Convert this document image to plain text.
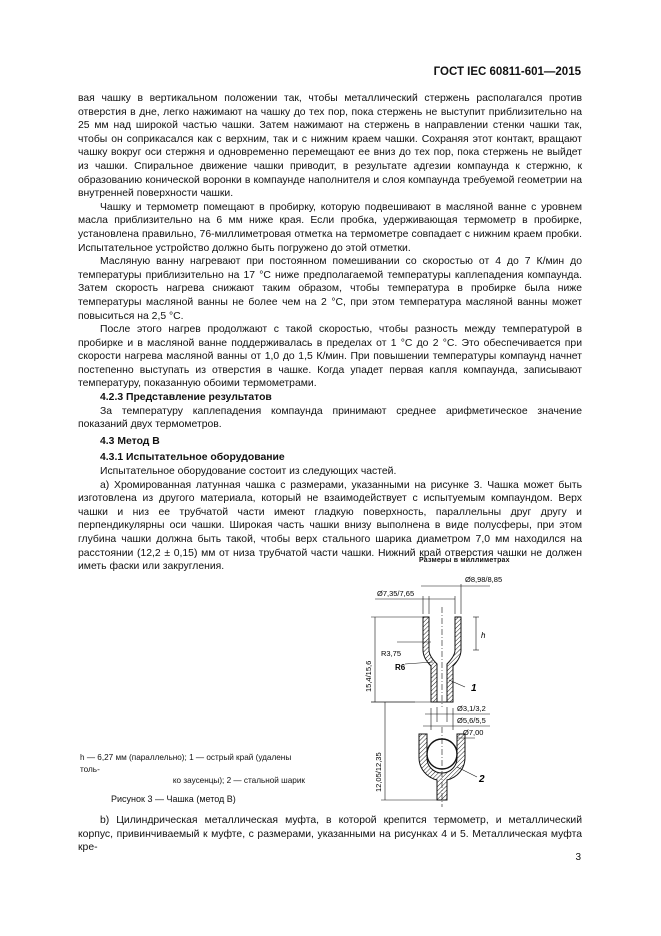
ГОСТ IEC 60811-601—2015

вая чашку в вертикальном положении так, чтобы металлический стержень располагался против отверстия в дне, легко нажимают на чашку до тех пор, пока стержень не выступит приблизительно на 25 мм над широкой частью чашки. Затем нажимают на стержень в направлении стенки чашки так, чтобы он соприкасался как с верхним, так и с нижним краем чашки. Сохраняя этот контакт, вращают чашку вокруг оси стержня и одновременно перемещают ее вниз до тех пор, пока стержень не выйдет из чашки. Спиральное движение чашки приводит, в результате адгезии компаунда к стержню, к образованию конической воронки в компаунде наполнителя и слоя компаунда требуемой геометрии на внутренней поверхности чашки.

Чашку и термометр помещают в пробирку, которую подвешивают в масляной ванне с уровнем масла приблизительно на 6 мм ниже края. Если пробка, удерживающая термометр в пробирке, установлена правильно, 76-миллиметровая отметка на термометре совпадает с нижним краем пробки. Испытательное устройство должно быть погружено до этой отметки.

Масляную ванну нагревают при постоянном помешивании со скоростью от 4 до 7 К/мин до температуры приблизительно на 17 °С ниже предполагаемой температуры каплепадения компаунда. Затем скорость нагрева снижают таким образом, чтобы температура в пробирке была ниже температуры масляной ванны не более чем на 2 °С, при этом температура масляной ванны может повыситься на 2,5 °С.

После этого нагрев продолжают с такой скоростью, чтобы разность между температурой в пробирке и в масляной ванне поддерживалась в пределах от 1 °С до 2 °С. Это обеспечивается при скорости нагрева масляной ванны от 1,0 до 1,5 К/мин. При повышении температуры компаунд начнет постепенно выступать из отверстия в чашке. Когда упадет первая капля компаунда, записывают температуру, показанную обоими термометрами.

4.2.3 Представление результатов

За температуру каплепадения компаунда принимают среднее арифметическое значение показаний двух термометров.

4.3 Метод В

4.3.1 Испытательное оборудование

Испытательное оборудование состоит из следующих частей.

а) Хромированная латунная чашка с размерами, указанными на рисунке 3. Чашка может быть изготовлена из другого материала, который не взаимодействует с испытуемым компаундом. Верх чашки и низ ее трубчатой части имеют гладкую поверхность, параллельны друг другу и перпендикулярны оси чашки. Широкая часть чашки внизу выполнена в виде полусферы, при этом глубина чашки должна быть такой, чтобы верх стального шарика диаметром 7,0 мм находился на расстоянии (12,2 ± 0,15) мм от низа трубчатой части чашки. Нижний край отверстия чашки не должен иметь фаски или закругления.

Размеры в миллиметрах
Ø8,98/8,85
Ø7,35/7,65
15,4/15,6
h
R3,75
R6
1
Ø3,1/3,2
Ø5,6/5,5
12,05/12,35
Ø7,00
2
h — 6,27 мм (параллельно); 1 — острый край (удалены толь-
ко заусенцы); 2 — стальной шарик
Рисунок 3 — Чашка (метод В)

b) Цилиндрическая металлическая муфта, в которой крепится термометр, и металлический корпус, привинчиваемый к муфте, с размерами, указанными на рисунках 4 и 5. Металлическая муфта кре-

3
